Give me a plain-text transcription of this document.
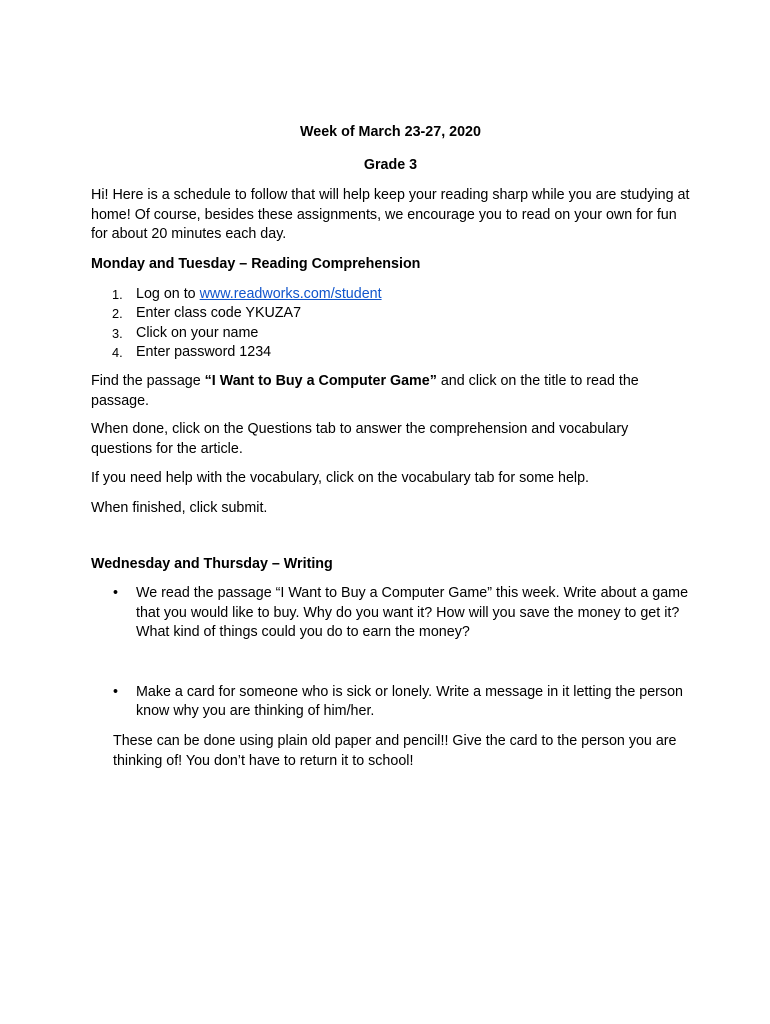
Week of March 23-27, 2020

Grade 3

Hi! Here is a schedule to follow that will help keep your reading sharp while you are studying at home! Of course, besides these assignments, we encourage you to read on your own for fun for about 20 minutes each day.

Monday and Tuesday – Reading Comprehension

1. Log on to www.readworks.com/student
2. Enter class code YKUZA7
3. Click on your name
4. Enter password 1234

Find the passage “I Want to Buy a Computer Game” and click on the title to read the passage.

When done, click on the Questions tab to answer the comprehension and vocabulary questions for the article.

If you need help with the vocabulary, click on the vocabulary tab for some help.

When finished, click submit.

Wednesday and Thursday – Writing

• We read the passage “I Want to Buy a Computer Game” this week. Write about a game that you would like to buy. Why do you want it? How will you save the money to get it? What kind of things could you do to earn the money?
• Make a card for someone who is sick or lonely. Write a message in it letting the person know why you are thinking of him/her.

These can be done using plain old paper and pencil!! Give the card to the person you are thinking of! You don’t have to return it to school!
